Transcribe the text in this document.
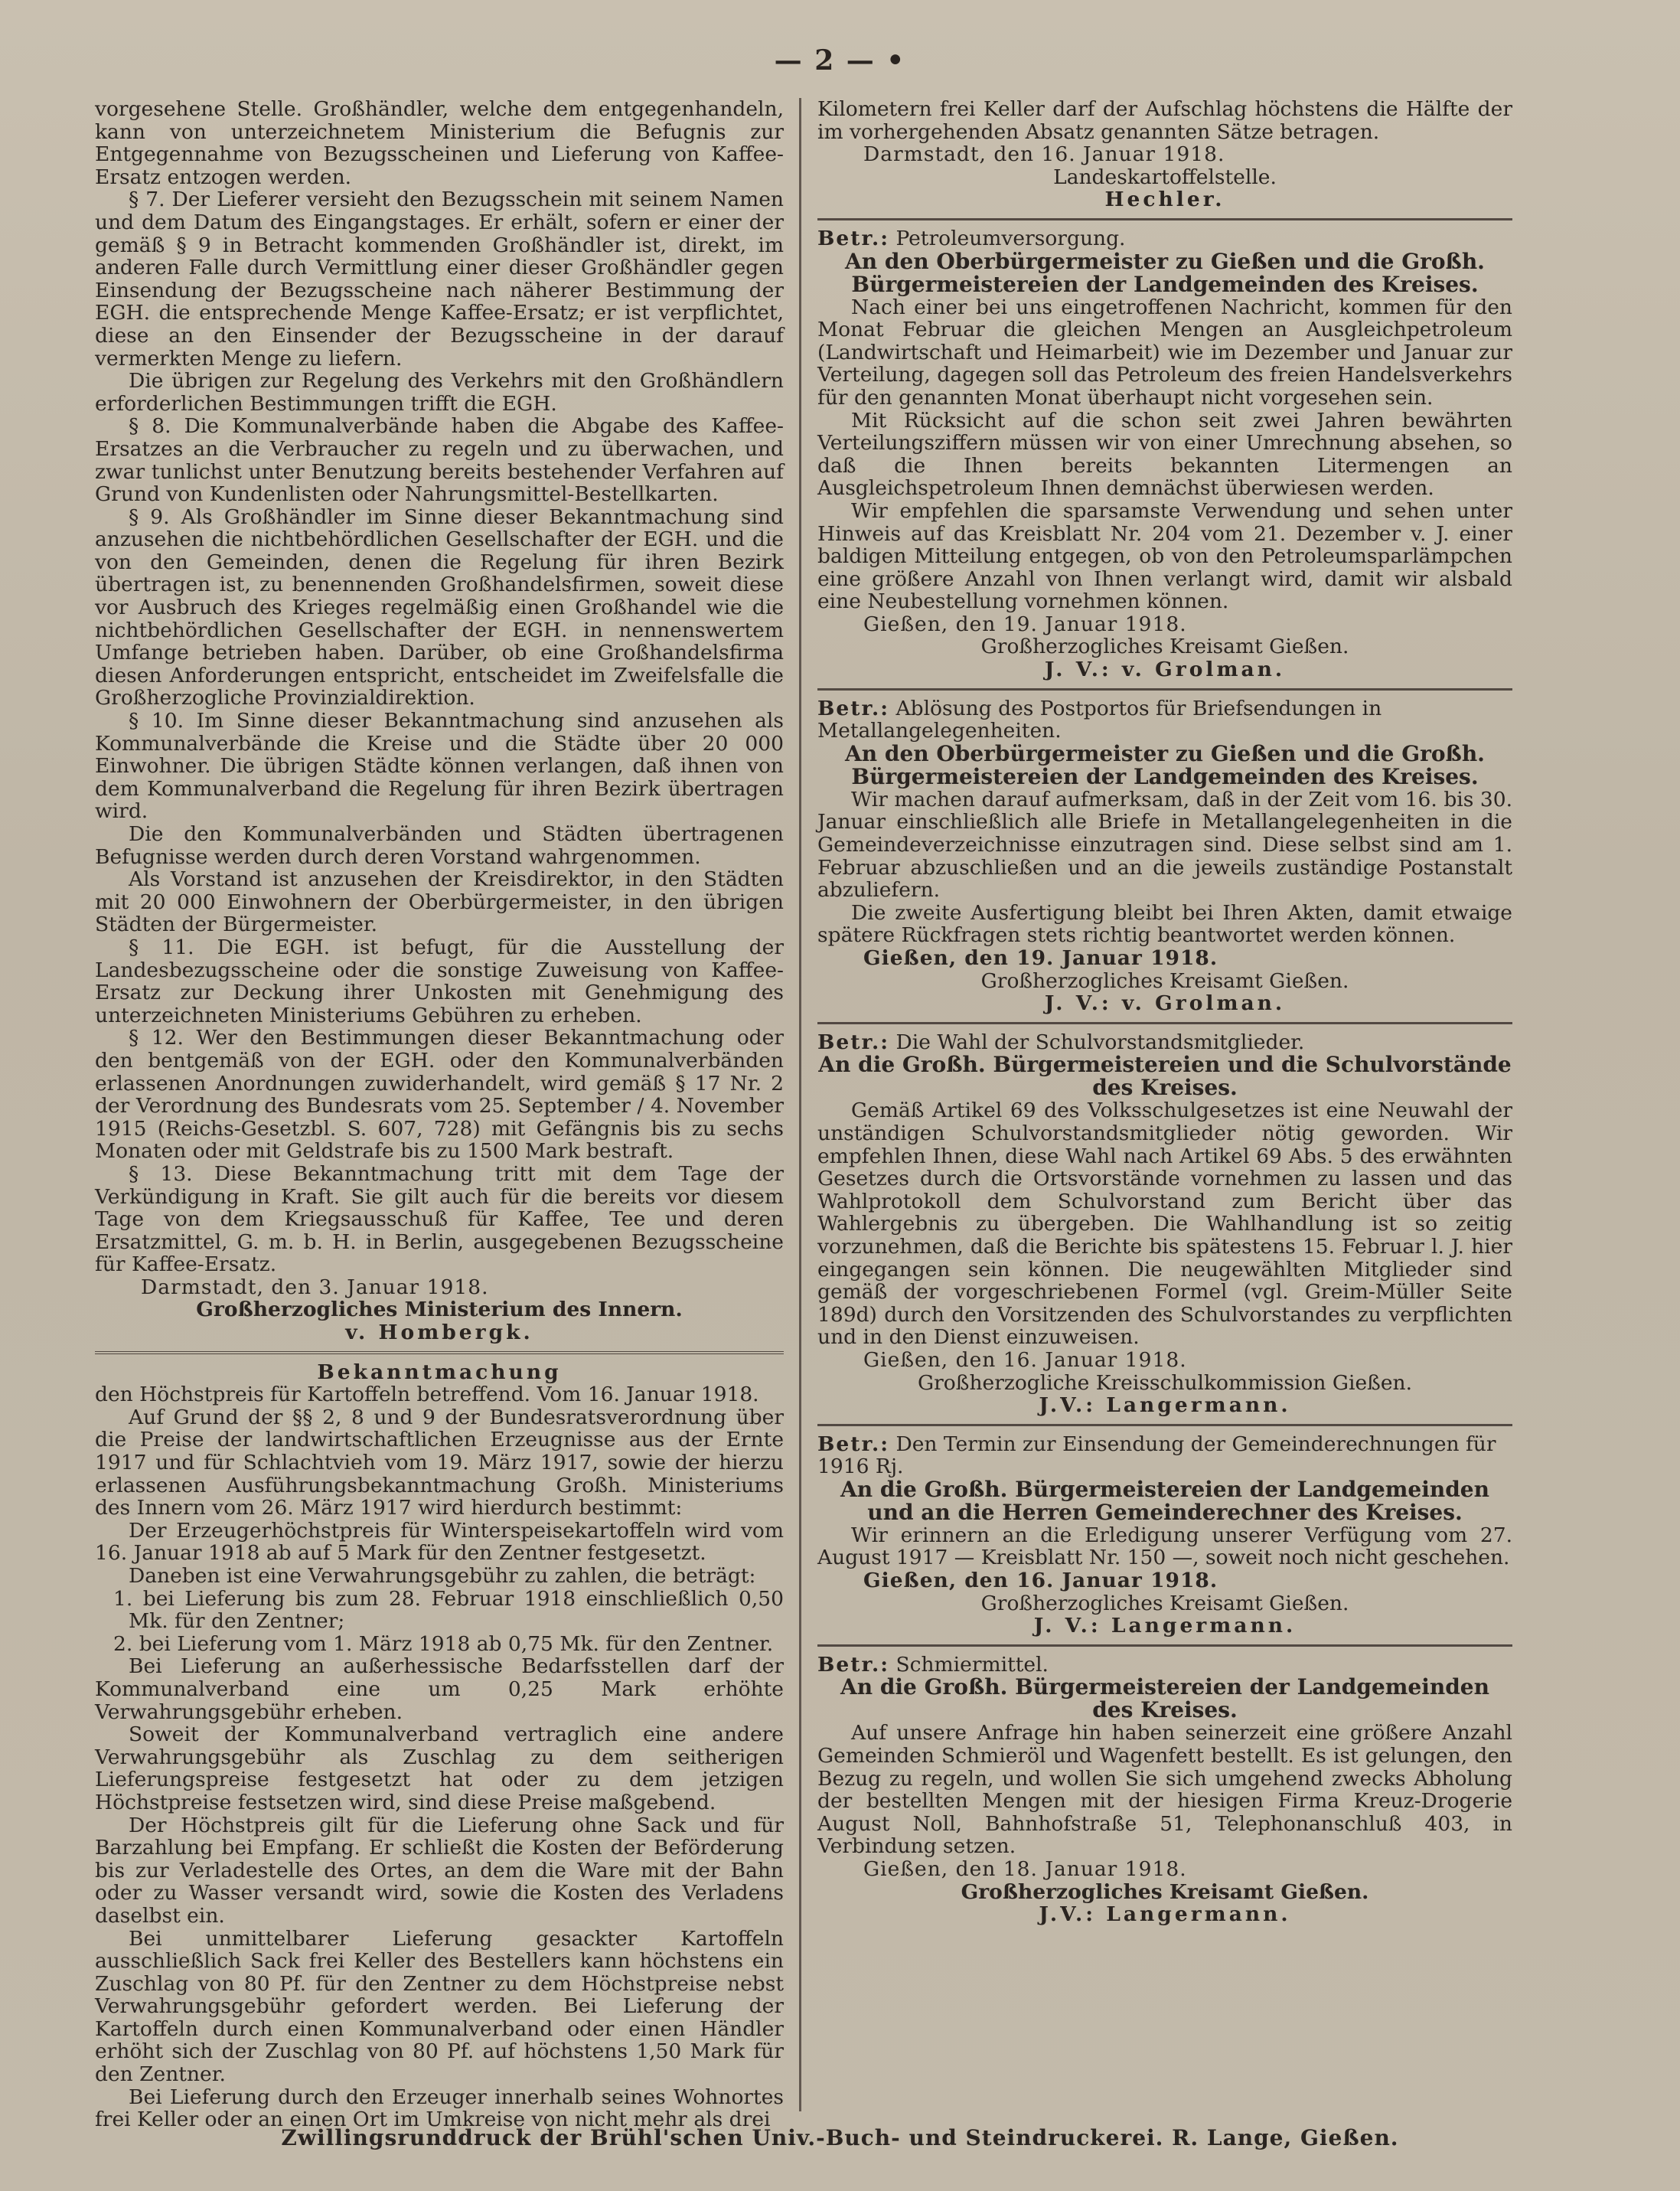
— 2 — •

vorgesehene Stelle. Großhändler, welche dem entgegenhandeln, kann von unterzeichnetem Ministerium die Befugnis zur Entgegennahme von Bezugsscheinen und Lieferung von Kaffee-Ersatz entzogen werden.

§ 7. Der Lieferer versieht den Bezugsschein mit seinem Namen und dem Datum des Eingangstages. Er erhält, sofern er einer der gemäß § 9 in Betracht kommenden Großhändler ist, direkt, im anderen Falle durch Vermittlung einer dieser Großhändler gegen Einsendung der Bezugsscheine nach näherer Bestimmung der EGH. die entsprechende Menge Kaffee-Ersatz; er ist verpflichtet, diese an den Einsender der Bezugsscheine in der darauf vermerkten Menge zu liefern.

Die übrigen zur Regelung des Verkehrs mit den Großhändlern erforderlichen Bestimmungen trifft die EGH.

§ 8. Die Kommunalverbände haben die Abgabe des Kaffee-Ersatzes an die Verbraucher zu regeln und zu überwachen, und zwar tunlichst unter Benutzung bereits bestehender Verfahren auf Grund von Kundenlisten oder Nahrungsmittel-Bestellkarten.

§ 9. Als Großhändler im Sinne dieser Bekanntmachung sind anzusehen die nichtbehördlichen Gesellschafter der EGH. und die von den Gemeinden, denen die Regelung für ihren Bezirk übertragen ist, zu benennenden Großhandelsfirmen, soweit diese vor Ausbruch des Krieges regelmäßig einen Großhandel wie die nichtbehördlichen Gesellschafter der EGH. in nennenswertem Umfange betrieben haben. Darüber, ob eine Großhandelsfirma diesen Anforderungen entspricht, entscheidet im Zweifelsfalle die Großherzogliche Provinzialdirektion.

§ 10. Im Sinne dieser Bekanntmachung sind anzusehen als Kommunalverbände die Kreise und die Städte über 20 000 Einwohner. Die übrigen Städte können verlangen, daß ihnen von dem Kommunalverband die Regelung für ihren Bezirk übertragen wird.

Die den Kommunalverbänden und Städten übertragenen Befugnisse werden durch deren Vorstand wahrgenommen.

Als Vorstand ist anzusehen der Kreisdirektor, in den Städten mit 20 000 Einwohnern der Oberbürgermeister, in den übrigen Städten der Bürgermeister.

§ 11. Die EGH. ist befugt, für die Ausstellung der Landesbezugsscheine oder die sonstige Zuweisung von Kaffee-Ersatz zur Deckung ihrer Unkosten mit Genehmigung des unterzeichneten Ministeriums Gebühren zu erheben.

§ 12. Wer den Bestimmungen dieser Bekanntmachung oder den bentgemäß von der EGH. oder den Kommunalverbänden erlassenen Anordnungen zuwiderhandelt, wird gemäß § 17 Nr. 2 der Verordnung des Bundesrats vom 25. September / 4. November 1915 (Reichs-Gesetzbl. S. 607, 728) mit Gefängnis bis zu sechs Monaten oder mit Geldstrafe bis zu 1500 Mark bestraft.

§ 13. Diese Bekanntmachung tritt mit dem Tage der Verkündigung in Kraft. Sie gilt auch für die bereits vor diesem Tage von dem Kriegsausschuß für Kaffee, Tee und deren Ersatzmittel, G. m. b. H. in Berlin, ausgegebenen Bezugsscheine für Kaffee-Ersatz.

Darmstadt, den 3. Januar 1918.

Großherzogliches Ministerium des Innern.

v. Hombergk.

Bekanntmachung

den Höchstpreis für Kartoffeln betreffend. Vom 16. Januar 1918.

Auf Grund der §§ 2, 8 und 9 der Bundesratsverordnung über die Preise der landwirtschaftlichen Erzeugnisse aus der Ernte 1917 und für Schlachtvieh vom 19. März 1917, sowie der hierzu erlassenen Ausführungsbekanntmachung Großh. Ministeriums des Innern vom 26. März 1917 wird hierdurch bestimmt:

Der Erzeugerhöchstpreis für Winterspeisekartoffeln wird vom 16. Januar 1918 ab auf 5 Mark für den Zentner festgesetzt.

Daneben ist eine Verwahrungsgebühr zu zahlen, die beträgt:

1. bei Lieferung bis zum 28. Februar 1918 einschließlich 0,50 Mk. für den Zentner;

2. bei Lieferung vom 1. März 1918 ab 0,75 Mk. für den Zentner.

Bei Lieferung an außerhessische Bedarfsstellen darf der Kommunalverband eine um 0,25 Mark erhöhte Verwahrungsgebühr erheben.

Soweit der Kommunalverband vertraglich eine andere Verwahrungsgebühr als Zuschlag zu dem seitherigen Lieferungspreise festgesetzt hat oder zu dem jetzigen Höchstpreise festsetzen wird, sind diese Preise maßgebend.

Der Höchstpreis gilt für die Lieferung ohne Sack und für Barzahlung bei Empfang. Er schließt die Kosten der Beförderung bis zur Verladestelle des Ortes, an dem die Ware mit der Bahn oder zu Wasser versandt wird, sowie die Kosten des Verladens daselbst ein.

Bei unmittelbarer Lieferung gesackter Kartoffeln ausschließlich Sack frei Keller des Bestellers kann höchstens ein Zuschlag von 80 Pf. für den Zentner zu dem Höchstpreise nebst Verwahrungsgebühr gefordert werden. Bei Lieferung der Kartoffeln durch einen Kommunalverband oder einen Händler erhöht sich der Zuschlag von 80 Pf. auf höchstens 1,50 Mark für den Zentner.

Bei Lieferung durch den Erzeuger innerhalb seines Wohnortes frei Keller oder an einen Ort im Umkreise von nicht mehr als drei

Kilometern frei Keller darf der Aufschlag höchstens die Hälfte der im vorhergehenden Absatz genannten Sätze betragen.

Darmstadt, den 16. Januar 1918.

Landeskartoffelstelle.

Hechler.

Betr.: Petroleumversorgung.

An den Oberbürgermeister zu Gießen und die Großh. Bürgermeistereien der Landgemeinden des Kreises.

Nach einer bei uns eingetroffenen Nachricht, kommen für den Monat Februar die gleichen Mengen an Ausgleichpetroleum (Landwirtschaft und Heimarbeit) wie im Dezember und Januar zur Verteilung, dagegen soll das Petroleum des freien Handelsverkehrs für den genannten Monat überhaupt nicht vorgesehen sein.

Mit Rücksicht auf die schon seit zwei Jahren bewährten Verteilungsziffern müssen wir von einer Umrechnung absehen, so daß die Ihnen bereits bekannten Litermengen an Ausgleichspetroleum Ihnen demnächst überwiesen werden.

Wir empfehlen die sparsamste Verwendung und sehen unter Hinweis auf das Kreisblatt Nr. 204 vom 21. Dezember v. J. einer baldigen Mitteilung entgegen, ob von den Petroleumsparlämpchen eine größere Anzahl von Ihnen verlangt wird, damit wir alsbald eine Neubestellung vornehmen können.

Gießen, den 19. Januar 1918.

Großherzogliches Kreisamt Gießen.

J. V.: v. Grolman.

Betr.: Ablösung des Postportos für Briefsendungen in Metallangelegenheiten.

An den Oberbürgermeister zu Gießen und die Großh. Bürgermeistereien der Landgemeinden des Kreises.

Wir machen darauf aufmerksam, daß in der Zeit vom 16. bis 30. Januar einschließlich alle Briefe in Metallangelegenheiten in die Gemeindeverzeichnisse einzutragen sind. Diese selbst sind am 1. Februar abzuschließen und an die jeweils zuständige Postanstalt abzuliefern.

Die zweite Ausfertigung bleibt bei Ihren Akten, damit etwaige spätere Rückfragen stets richtig beantwortet werden können.

Gießen, den 19. Januar 1918.

Großherzogliches Kreisamt Gießen.

J. V.: v. Grolman.

Betr.: Die Wahl der Schulvorstandsmitglieder.

An die Großh. Bürgermeistereien und die Schulvorstände des Kreises.

Gemäß Artikel 69 des Volksschulgesetzes ist eine Neuwahl der unständigen Schulvorstandsmitglieder nötig geworden. Wir empfehlen Ihnen, diese Wahl nach Artikel 69 Abs. 5 des erwähnten Gesetzes durch die Ortsvorstände vornehmen zu lassen und das Wahlprotokoll dem Schulvorstand zum Bericht über das Wahlergebnis zu übergeben. Die Wahlhandlung ist so zeitig vorzunehmen, daß die Berichte bis spätestens 15. Februar l. J. hier eingegangen sein können. Die neugewählten Mitglieder sind gemäß der vorgeschriebenen Formel (vgl. Greim-Müller Seite 189d) durch den Vorsitzenden des Schulvorstandes zu verpflichten und in den Dienst einzuweisen.

Gießen, den 16. Januar 1918.

Großherzogliche Kreisschulkommission Gießen.

J.V.: Langermann.

Betr.: Den Termin zur Einsendung der Gemeinderechnungen für 1916 Rj.

An die Großh. Bürgermeistereien der Landgemeinden und an die Herren Gemeinderechner des Kreises.

Wir erinnern an die Erledigung unserer Verfügung vom 27. August 1917 — Kreisblatt Nr. 150 —, soweit noch nicht geschehen.

Gießen, den 16. Januar 1918.

Großherzogliches Kreisamt Gießen.

J. V.: Langermann.

Betr.: Schmiermittel.

An die Großh. Bürgermeistereien der Landgemeinden des Kreises.

Auf unsere Anfrage hin haben seinerzeit eine größere Anzahl Gemeinden Schmieröl und Wagenfett bestellt. Es ist gelungen, den Bezug zu regeln, und wollen Sie sich umgehend zwecks Abholung der bestellten Mengen mit der hiesigen Firma Kreuz-Drogerie August Noll, Bahnhofstraße 51, Telephonanschluß 403, in Verbindung setzen.

Gießen, den 18. Januar 1918.

Großherzogliches Kreisamt Gießen.

J.V.: Langermann.

Zwillingsrunddruck der Brühl'schen Univ.-Buch- und Steindruckerei. R. Lange, Gießen.
